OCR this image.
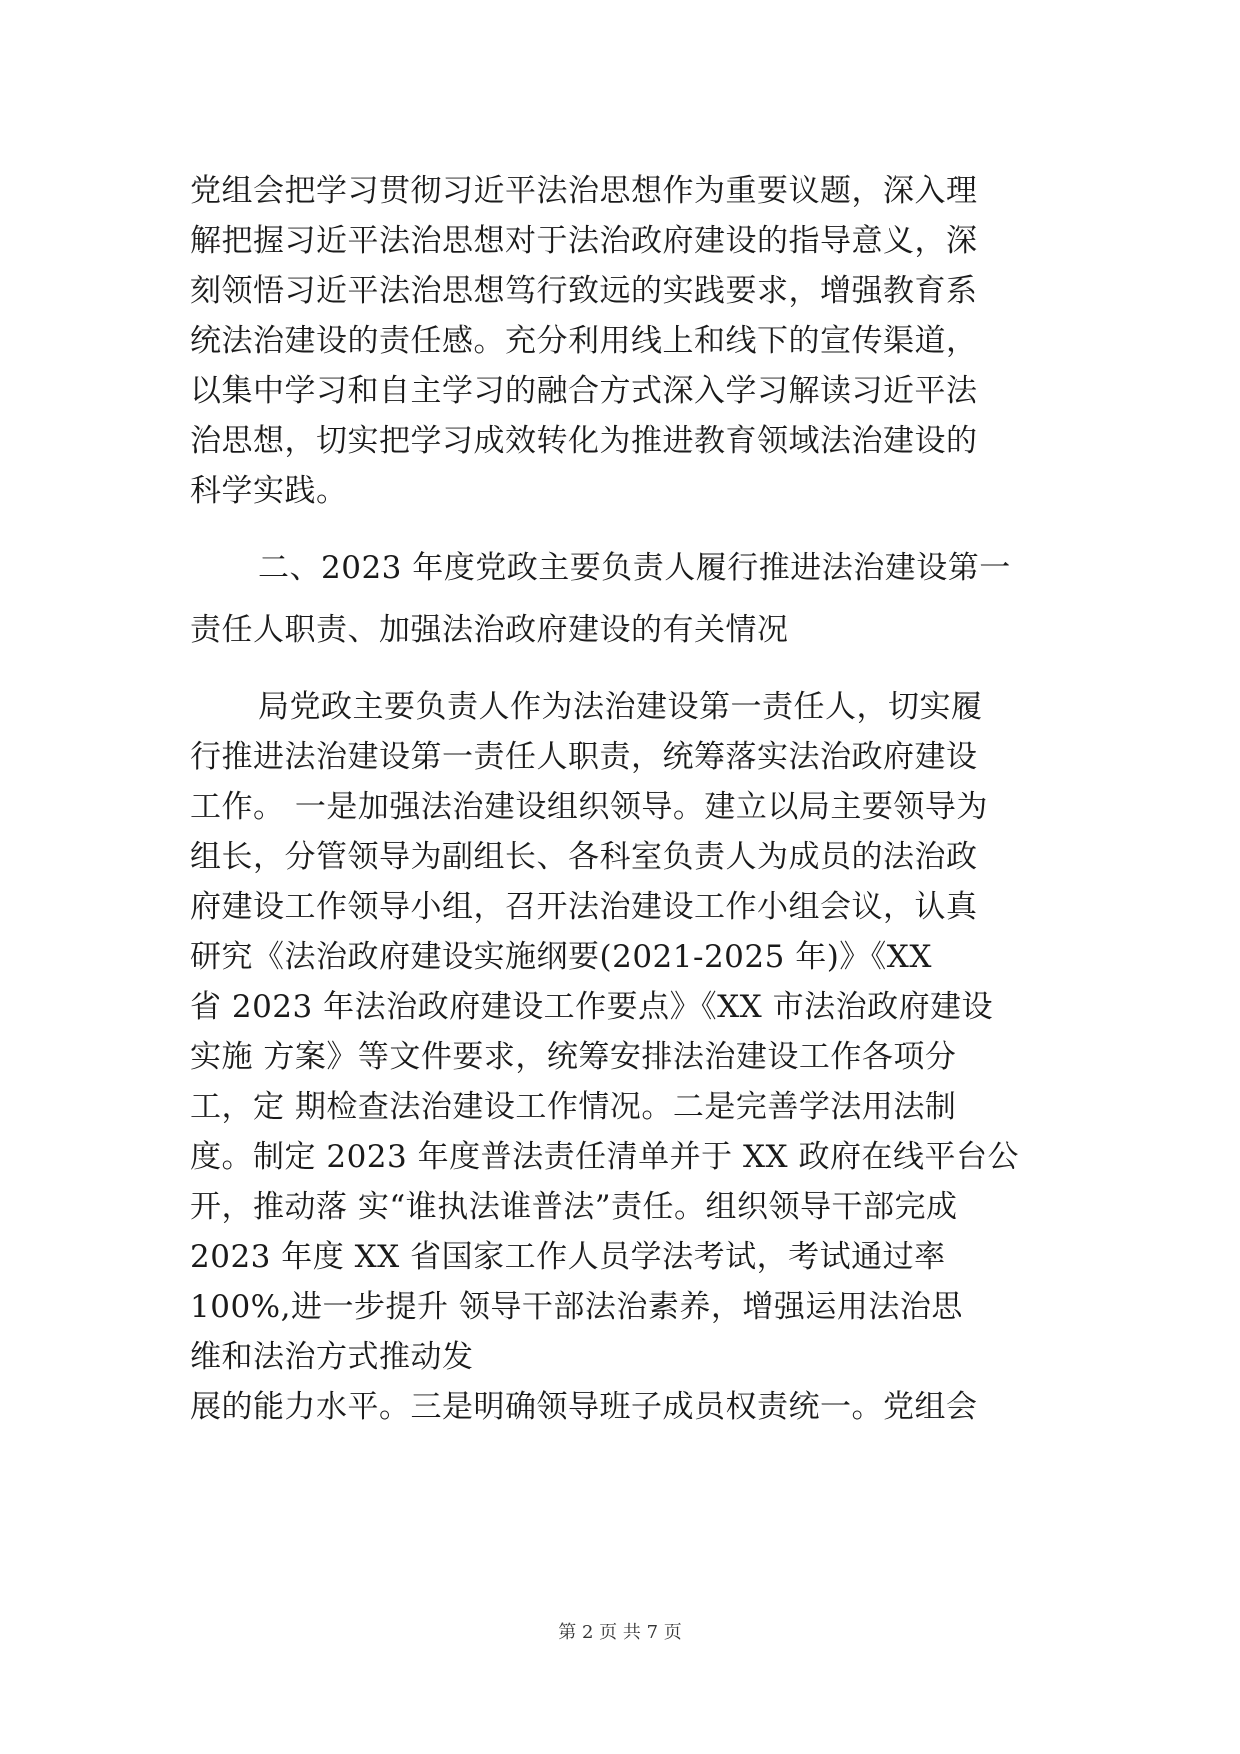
党组会把学习贯彻习近平法治思想作为重要议题，深入理
解把握习近平法治思想对于法治政府建设的指导意义，深
刻领悟习近平法治思想笃行致远的实践要求，增强教育系
统法治建设的责任感。充分利用线上和线下的宣传渠道，
以集中学习和自主学习的融合方式深入学习解读习近平法
治思想，切实把学习成效转化为推进教育领域法治建设的
科学实践。
二、2023 年度党政主要负责人履行推进法治建设第一
责任人职责、加强法治政府建设的有关情况
局党政主要负责人作为法治建设第一责任人，切实履
行推进法治建设第一责任人职责，统筹落实法治政府建设
工作。 一是加强法治建设组织领导。建立以局主要领导为
组长，分管领导为副组长、各科室负责人为成员的法治政
府建设工作领导小组，召开法治建设工作小组会议，认真
研究《法治政府建设实施纲要(2021-2025 年)》《XX
省 2023 年法治政府建设工作要点》《XX 市法治政府建设
实施 方案》等文件要求，统筹安排法治建设工作各项分
工，定 期检查法治建设工作情况。二是完善学法用法制
度。制定 2023 年度普法责任清单并于 XX 政府在线平台公
开，推动落 实“谁执法谁普法”责任。组织领导干部完成
2023 年度 XX 省国家工作人员学法考试，考试通过率
100%,进一步提升 领导干部法治素养，增强运用法治思
维和法治方式推动发
展的能力水平。三是明确领导班子成员权责统一。党组会
第 2 页 共 7 页
